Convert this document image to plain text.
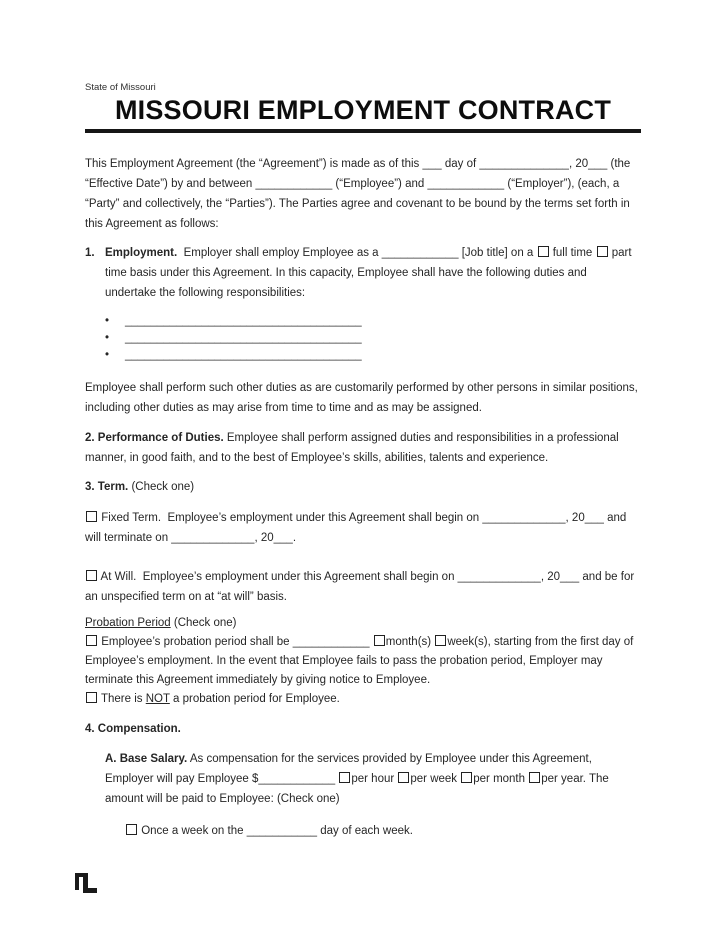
State of Missouri
MISSOURI EMPLOYMENT CONTRACT

This Employment Agreement (the “Agreement”) is made as of this ___ day of ______________, 20___ (the “Effective Date”) by and between ____________ (“Employee”) and ____________ (“Employer”), (each, a “Party” and collectively, the “Parties”). The Parties agree and covenant to be bound by the terms set forth in this Agreement as follows:

1. Employment.  Employer shall employ Employee as a ____________ [Job title] on a  full time  part time basis under this Agreement. In this capacity, Employee shall have the following duties and undertake the following responsibilities:
• _____________________________________
• _____________________________________
• _____________________________________

Employee shall perform such other duties as are customarily performed by other persons in similar positions, including other duties as may arise from time to time and as may be assigned.

2. Performance of Duties. Employee shall perform assigned duties and responsibilities in a professional manner, in good faith, and to the best of Employee’s skills, abilities, talents and experience.

3. Term. (Check one)

Fixed Term.  Employee’s employment under this Agreement shall begin on _____________, 20___ and will terminate on _____________, 20___.

At Will.  Employee’s employment under this Agreement shall begin on _____________, 20___ and be for an unspecified term on at “at will” basis.

Probation Period (Check one)

Employee’s probation period shall be ____________ month(s) week(s), starting from the first day of Employee’s employment. In the event that Employee fails to pass the probation period, Employer may terminate this Agreement immediately by giving notice to Employee.

There is NOT a probation period for Employee.

4. Compensation.

A. Base Salary. As compensation for the services provided by Employee under this Agreement, Employer will pay Employee $____________ per hour per week per month per year. The amount will be paid to Employee: (Check one)

Once a week on the ___________ day of each week.
